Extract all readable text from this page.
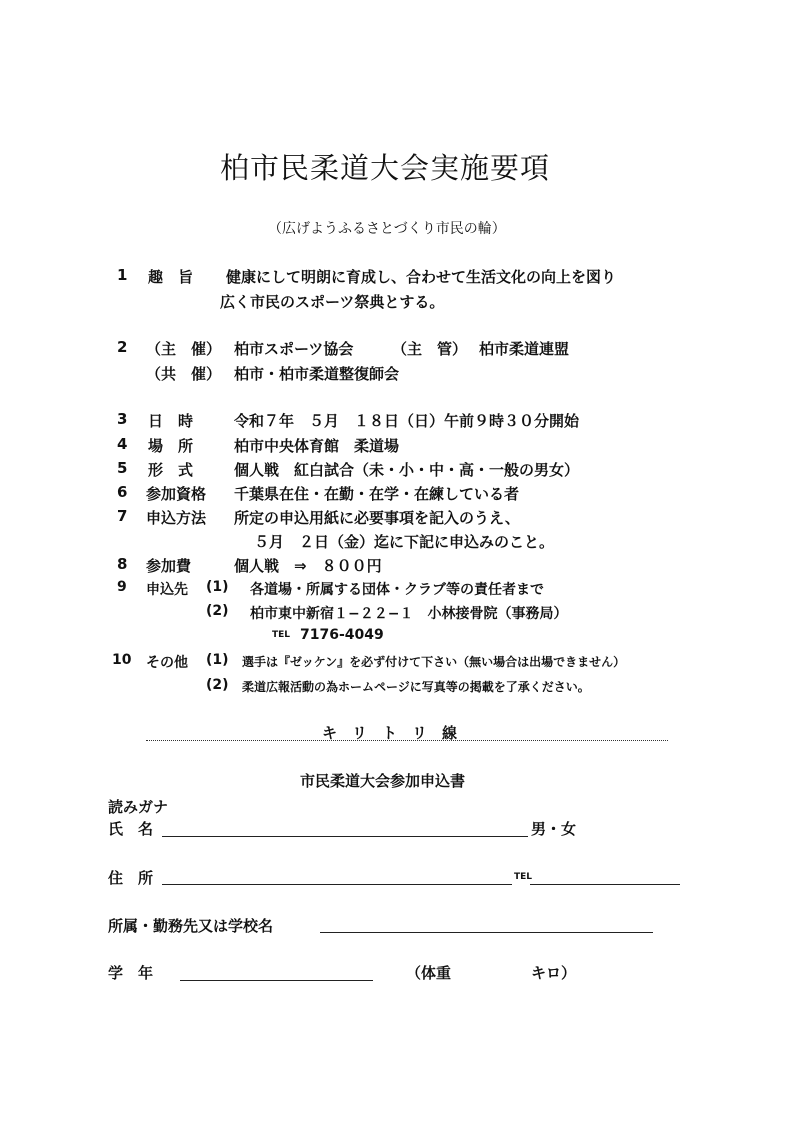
柏市民柔道大会実施要項
（広げようふるさとづくり市民の輪）
1 趣　旨 健康にして明朗に育成し、合わせて生活文化の向上を図り
広く市民のスポーツ祭典とする。
2 （主　催） 柏市スポーツ協会	（主　管） 柏市柔道連盟
（共　催） 柏市・柏市柔道整復師会
3 日　時	令和７年　５月　１８日（日）午前９時３０分開始
4 場　所	柏市中央体育館　柔道場
5 形　式	個人戦　紅白試合（未・小・中・高・一般の男女）
6 参加資格 千葉県在住・在勤・在学・在練している者
7 申込方法 所定の申込用紙に必要事項を記入のうえ、
５月　２日（金）迄に下記に申込みのこと。
8 参加費	個人戦　⇒　８００円
9 申込先 (1) 各道場・所属する団体・クラブ等の責任者まで
(2) 柏市東中新宿１−２２−１　小林接骨院（事務局）
TEL 7176-4049
10 その他 (1) 選手は『ゼッケン』を必ず付けて下さい（無い場合は出場できません）
(2) 柔道広報活動の為ホームページに写真等の掲載を了承ください。
キ　リ　ト　リ　線
市民柔道大会参加申込書
読みガナ
氏　名	男・女
住　所	TEL
所属・勤務先又は学校名
学　年	（体重	キロ）
